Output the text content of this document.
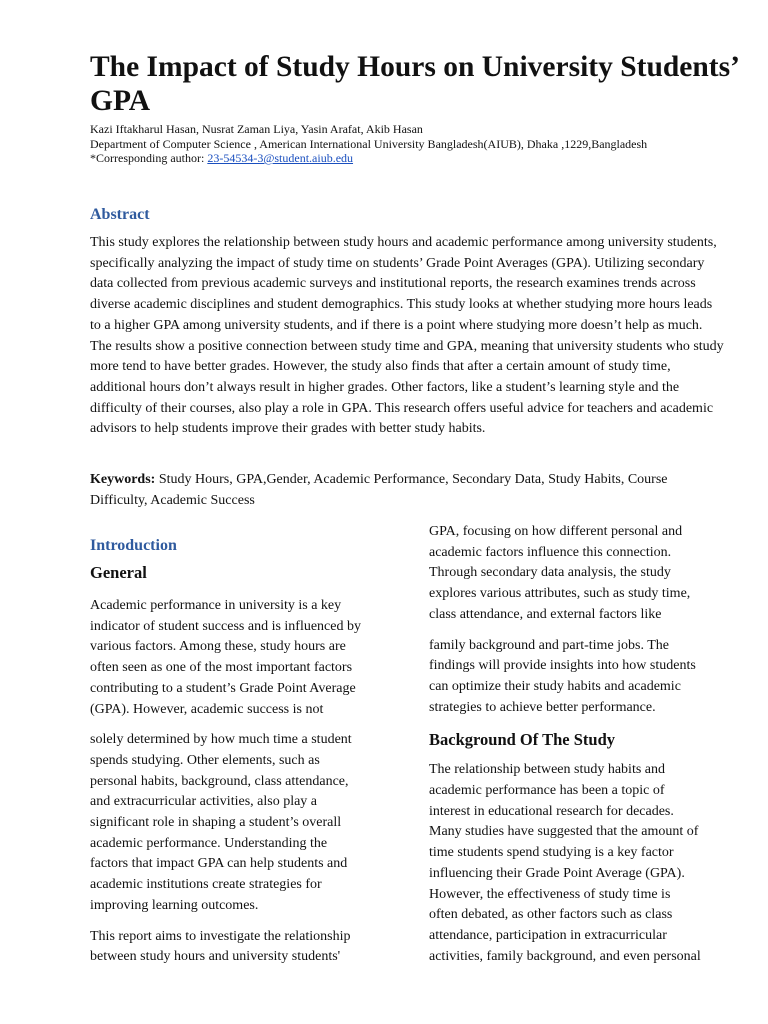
The Impact of Study Hours on University Students’ GPA
Kazi Iftakharul Hasan, Nusrat Zaman Liya, Yasin Arafat, Akib Hasan
Department of Computer Science , American International University Bangladesh(AIUB), Dhaka ,1229,Bangladesh
*Corresponding author: 23-54534-3@student.aiub.edu
Abstract

This study explores the relationship between study hours and academic performance among university students, specifically analyzing the impact of study time on students’ Grade Point Averages (GPA). Utilizing secondary data collected from previous academic surveys and institutional reports, the research examines trends across diverse academic disciplines and student demographics. This study looks at whether studying more hours leads to a higher GPA among university students, and if there is a point where studying more doesn’t help as much. The results show a positive connection between study time and GPA, meaning that university students who study more tend to have better grades. However, the study also finds that after a certain amount of study time, additional hours don’t always result in higher grades. Other factors, like a student’s learning style and the difficulty of their courses, also play a role in GPA. This research offers useful advice for teachers and academic advisors to help students improve their grades with better study habits.

Keywords: Study Hours, GPA,Gender, Academic Performance, Secondary Data, Study Habits, Course Difficulty, Academic Success

Introduction
General

Academic performance in university is a key
indicator of student success and is influenced by
various factors. Among these, study hours are
often seen as one of the most important factors
contributing to a student’s Grade Point Average
(GPA). However, academic success is not

solely determined by how much time a student
spends studying. Other elements, such as
personal habits, background, class attendance,
and extracurricular activities, also play a
significant role in shaping a student’s overall
academic performance. Understanding the
factors that impact GPA can help students and
academic institutions create strategies for
improving learning outcomes.

This report aims to investigate the relationship
between study hours and university students'

GPA, focusing on how different personal and
academic factors influence this connection.
Through secondary data analysis, the study
explores various attributes, such as study time,
class attendance, and external factors like

family background and part-time jobs. The
findings will provide insights into how students
can optimize their study habits and academic
strategies to achieve better performance.

Background Of The Study

The relationship between study habits and
academic performance has been a topic of
interest in educational research for decades.
Many studies have suggested that the amount of
time students spend studying is a key factor
influencing their Grade Point Average (GPA).
However, the effectiveness of study time is
often debated, as other factors such as class
attendance, participation in extracurricular
activities, family background, and even personal
